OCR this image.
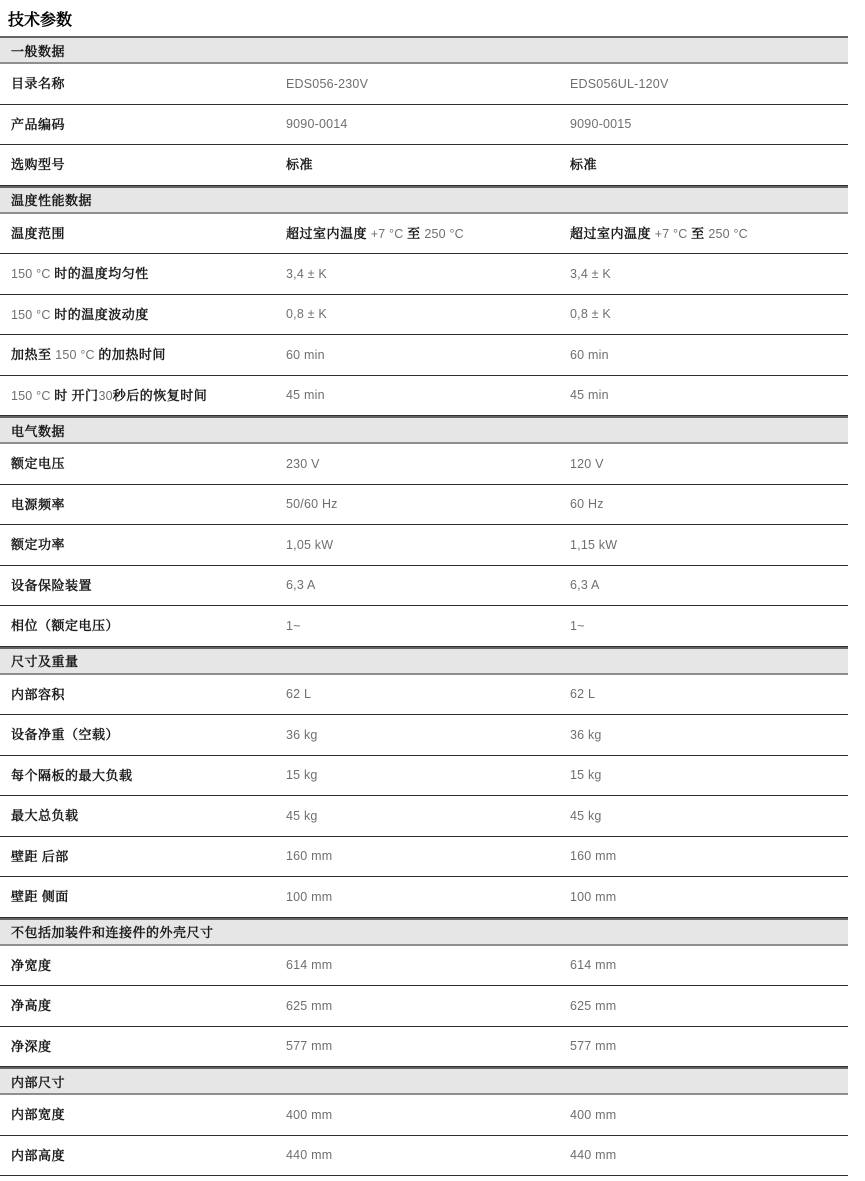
技术参数
一般数据
目录名称	EDS056-230V	EDS056UL-120V
产品编码	9090-0014	9090-0015
选购型号	标准	标准
温度性能数据
温度范围	超过室内温度 +7 °C 至 250 °C	超过室内温度 +7 °C 至 250 °C
150 °C 时的温度均匀性	3,4 ± K	3,4 ± K
150 °C 时的温度波动度	0,8 ± K	0,8 ± K
加热至 150 °C 的加热时间	60 min	60 min
150 °C 时 开门30秒后的恢复时间	45 min	45 min
电气数据
额定电压	230 V	120 V
电源频率	50/60 Hz	60 Hz
额定功率	1,05 kW	1,15 kW
设备保险装置	6,3 A	6,3 A
相位（额定电压）	1~	1~
尺寸及重量
内部容积	62 L	62 L
设备净重（空载）	36 kg	36 kg
每个隔板的最大负载	15 kg	15 kg
最大总负载	45 kg	45 kg
壁距 后部	160 mm	160 mm
壁距 侧面	100 mm	100 mm
不包括加装件和连接件的外壳尺寸
净宽度	614 mm	614 mm
净高度	625 mm	625 mm
净深度	577 mm	577 mm
内部尺寸
内部宽度	400 mm	400 mm
内部高度	440 mm	440 mm
